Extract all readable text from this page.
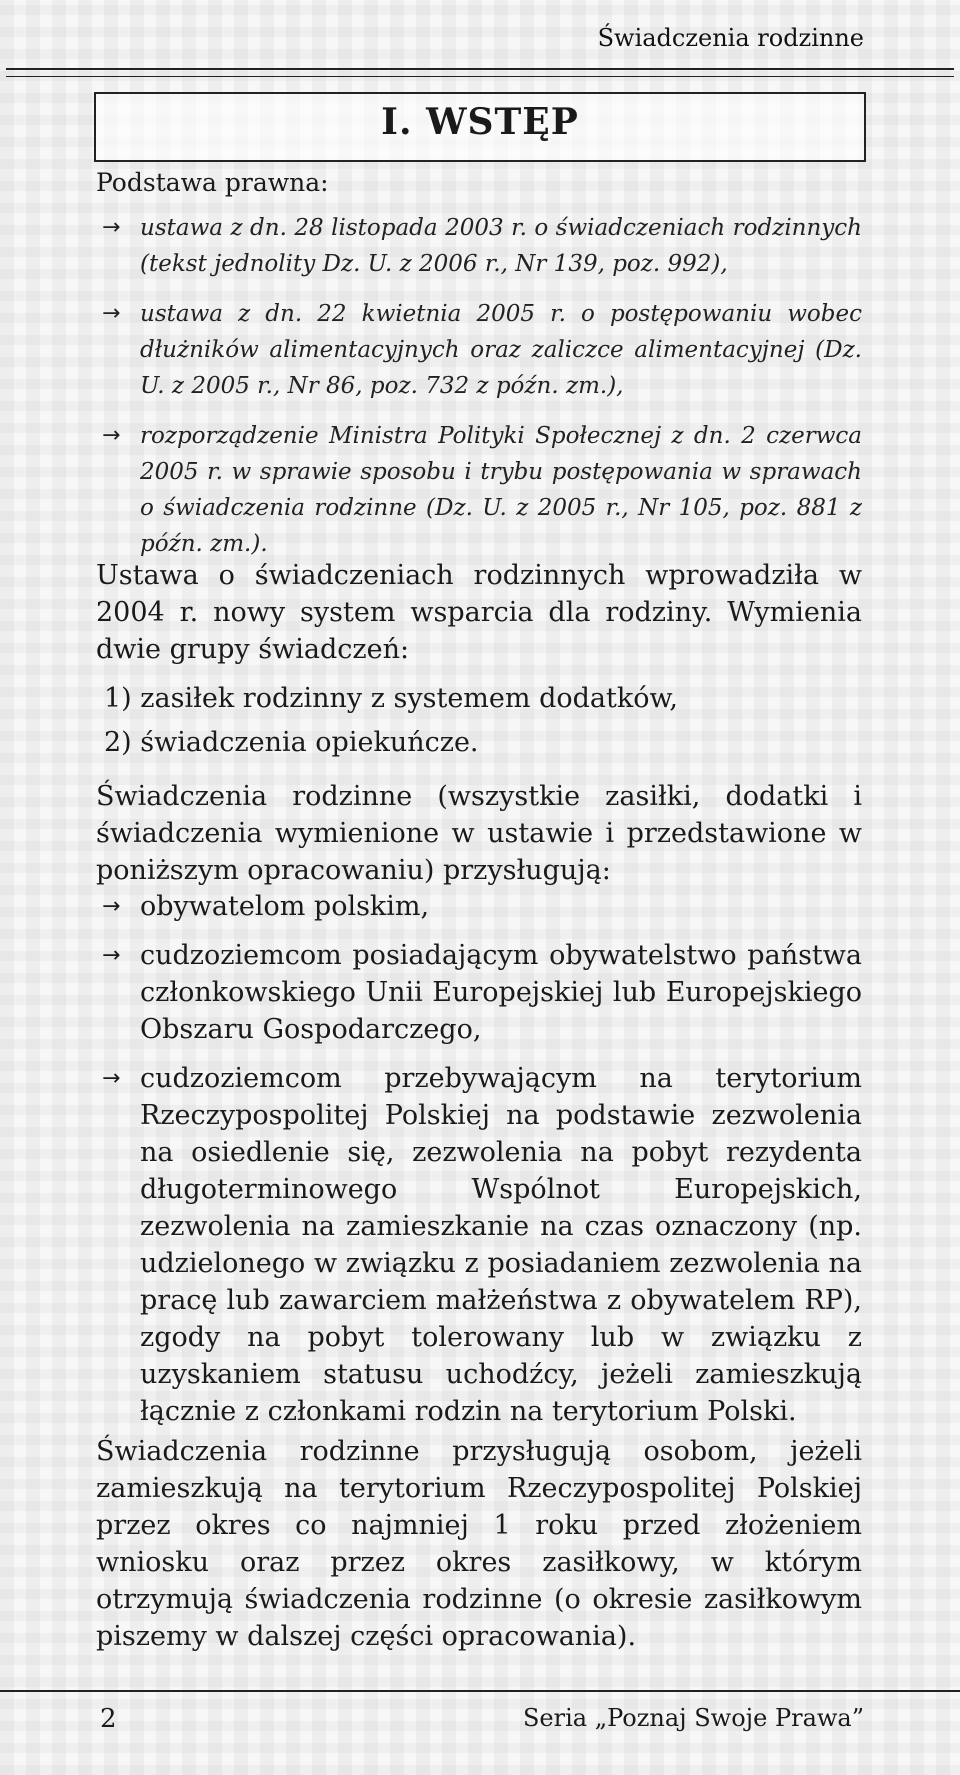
Świadczenia rodzinne
I. WSTĘP
Podstawa prawna:
→ ustawa z dn. 28 listopada 2003 r. o świadczeniach rodzinnych (tekst jednolity Dz. U. z 2006 r., Nr 139, poz. 992),
→ ustawa z dn. 22 kwietnia 2005 r. o postępowaniu wobec dłużników alimentacyjnych oraz zaliczce alimentacyjnej (Dz. U. z 2005 r., Nr 86, poz. 732 z późn. zm.),
→ rozporządzenie Ministra Polityki Społecznej z dn. 2 czerwca 2005 r. w sprawie sposobu i trybu postępowania w sprawach o świadczenia rodzinne (Dz. U. z 2005 r., Nr 105, poz. 881 z późn. zm.).
Ustawa o świadczeniach rodzinnych wprowadziła w 2004 r. nowy system wsparcia dla rodziny. Wymienia dwie grupy świadczeń:
1) zasiłek rodzinny z systemem dodatków,
2) świadczenia opiekuńcze.
Świadczenia rodzinne (wszystkie zasiłki, dodatki i świadczenia wymienione w ustawie i przedstawione w poniższym opracowaniu) przysługują:
→ obywatelom polskim,
→ cudzoziemcom posiadającym obywatelstwo państwa członkowskiego Unii Europejskiej lub Europejskiego Obszaru Gospodarczego,
→ cudzoziemcom przebywającym na terytorium Rzeczypospolitej Polskiej na podstawie zezwolenia na osiedlenie się, zezwolenia na pobyt rezydenta długoterminowego Wspólnot Europejskich, zezwolenia na zamieszkanie na czas oznaczony (np. udzielonego w związku z posiadaniem zezwolenia na pracę lub zawarciem małżeństwa z obywatelem RP), zgody na pobyt tolerowany lub w związku z uzyskaniem statusu uchodźcy, jeżeli zamieszkują łącznie z członkami rodzin na terytorium Polski.
Świadczenia rodzinne przysługują osobom, jeżeli zamieszkują na terytorium Rzeczypospolitej Polskiej przez okres co najmniej 1 roku przed złożeniem wniosku oraz przez okres zasiłkowy, w którym otrzymują świadczenia rodzinne (o okresie zasiłkowym piszemy w dalszej części opracowania).
2	Seria „Poznaj Swoje Prawa”
